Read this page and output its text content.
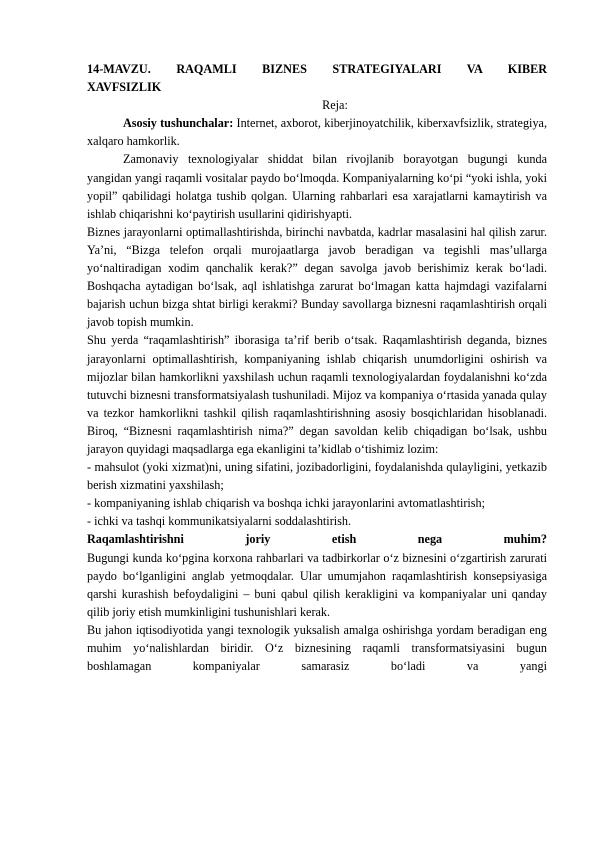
14-MAVZU. RAQAMLI BIZNES STRATEGIYALARI VA KIBER
XAVFSIZLIK

Reja:

Asosiy tushunchalar: Internet, axborot, kiberjinoyatchilik, kiberxavfsizlik, strategiya, xalqaro hamkorlik.

Zamonaviy texnologiyalar shiddat bilan rivojlanib borayotgan bugungi kunda yangidan yangi raqamli vositalar paydo bo‘lmoqda. Kompaniyalarning ko‘pi “yoki ishla, yoki yopil” qabilidagi holatga tushib qolgan. Ularning rahbarlari esa xarajatlarni kamaytirish va ishlab chiqarishni ko‘paytirish usullarini qidirishyapti.

Biznes jarayonlarni optimallashtirishda, birinchi navbatda, kadrlar masalasini hal qilish zarur. Ya’ni, “Bizga telefon orqali murojaatlarga javob beradigan va tegishli mas’ullarga yo‘naltiradigan xodim qanchalik kerak?” degan savolga javob berishimiz kerak bo‘ladi. Boshqacha aytadigan bo‘lsak, aql ishlatishga zarurat bo‘lmagan katta hajmdagi vazifalarni bajarish uchun bizga shtat birligi kerakmi? Bunday savollarga biznesni raqamlashtirish orqali javob topish mumkin.

Shu yerda “raqamlashtirish” iborasiga ta’rif berib o‘tsak. Raqamlashtirish deganda, biznes jarayonlarni optimallashtirish, kompaniyaning ishlab chiqarish unumdorligini oshirish va mijozlar bilan hamkorlikni yaxshilash uchun raqamli texnologiyalardan foydalanishni ko‘zda tutuvchi biznesni transformatsiyalash tushuniladi. Mijoz va kompaniya o‘rtasida yanada qulay va tezkor hamkorlikni tashkil qilish raqamlashtirishning asosiy bosqichlaridan hisoblanadi. Biroq, “Biznesni raqamlashtirish nima?” degan savoldan kelib chiqadigan bo‘lsak, ushbu jarayon quyidagi maqsadlarga ega ekanligini ta’kidlab o‘tishimiz lozim:

- mahsulot (yoki xizmat)ni, uning sifatini, jozibadorligini, foydalanishda qulayligini, yetkazib berish xizmatini yaxshilash;

- kompaniyaning ishlab chiqarish va boshqa ichki jarayonlarini avtomatlashtirish;

- ichki va tashqi kommunikatsiyalarni soddalashtirish.

Raqamlashtirishni joriy etish nega muhim?

Bugungi kunda ko‘pgina korxona rahbarlari va tadbirkorlar o‘z biznesini o‘zgartirish zarurati paydo bo‘lganligini anglab yetmoqdalar. Ular umumjahon raqamlashtirish konsepsiyasiga qarshi kurashish befoydaligini – buni qabul qilish kerakligini va kompaniyalar uni qanday qilib joriy etish mumkinligini tushunishlari kerak.

Bu jahon iqtisodiyotida yangi texnologik yuksalish amalga oshirishga yordam beradigan eng muhim yo‘nalishlardan biridir. O‘z biznesining raqamli transformatsiyasini bugun boshlamagan kompaniyalar samarasiz bo‘ladi va yangi
